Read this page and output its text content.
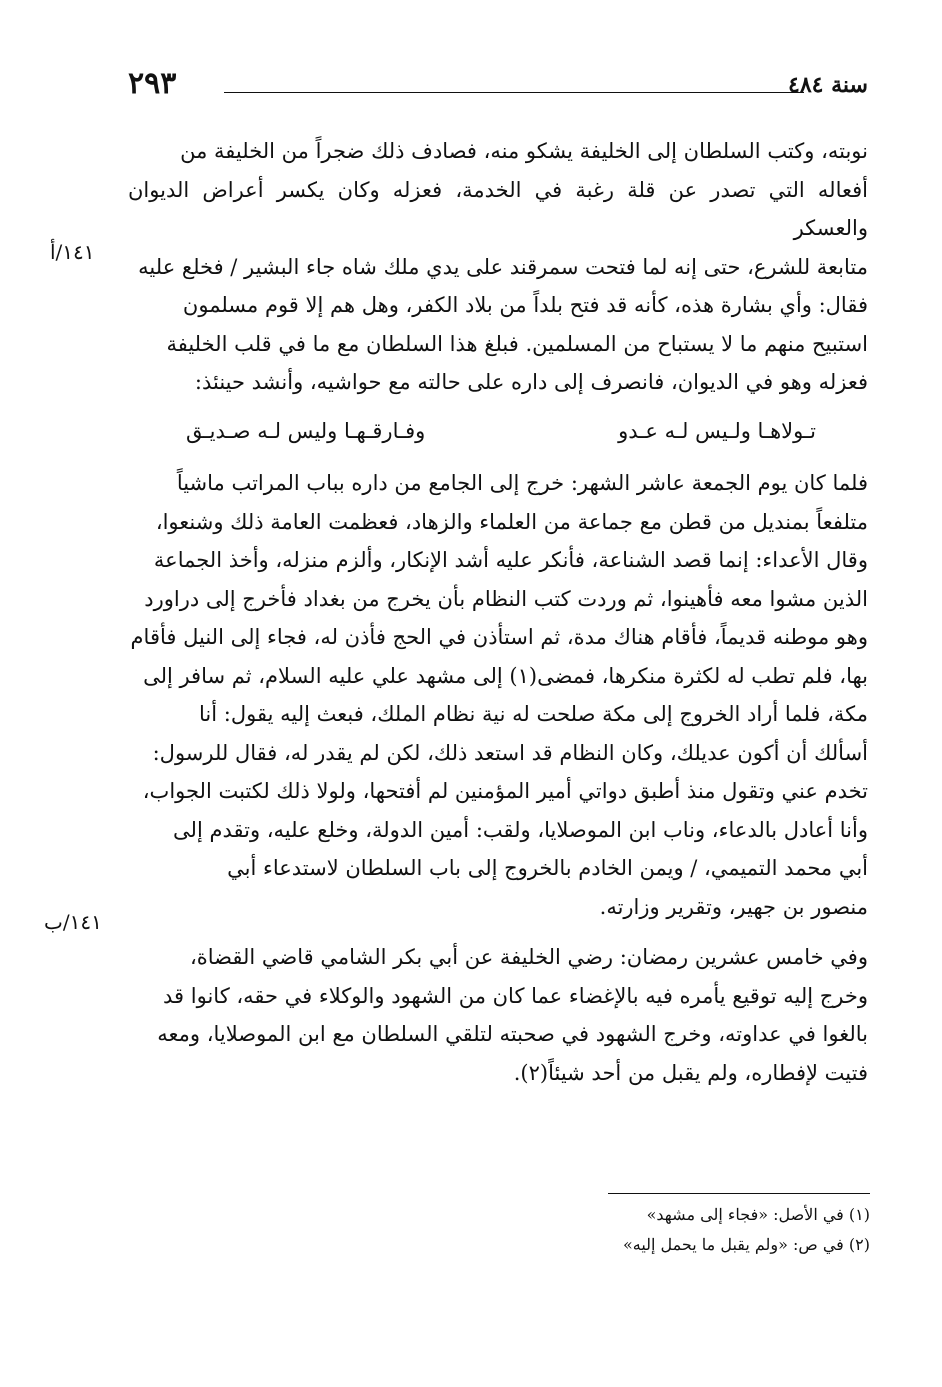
سنة ٤٨٤
٢٩٣
نوبته، وكتب السلطان إلى الخليفة يشكو منه، فصادف ذلك ضجراً من الخليفة من
أفعاله التي تصدر عن قلة رغبة في الخدمة، فعزله وكان يكسر أعراض الديوان والعسكر
متابعة للشرع، حتى إنه لما فتحت سمرقند على يدي ملك شاه جاء البشير / فخلع عليه
فقال: وأي بشارة هذه، كأنه قد فتح بلداً من بلاد الكفر، وهل هم إلا قوم مسلمون
استبيح منهم ما لا يستباح من المسلمين. فبلغ هذا السلطان مع ما في قلب الخليفة
فعزله وهو في الديوان، فانصرف إلى داره على حالته مع حواشيه، وأنشد حينئذ:
تـولاهـا ولـيس لـه عـدو
وفـارقـهـا وليس لـه صـديـق
فلما كان يوم الجمعة عاشر الشهر: خرج إلى الجامع من داره بباب المراتب ماشياً
متلفعاً بمنديل من قطن مع جماعة من العلماء والزهاد، فعظمت العامة ذلك وشنعوا،
وقال الأعداء: إنما قصد الشناعة، فأنكر عليه أشد الإنكار، وألزم منزله، وأخذ الجماعة
الذين مشوا معه فأهينوا، ثم وردت كتب النظام بأن يخرج من بغداد فأخرج إلى دراورد
وهو موطنه قديماً، فأقام هناك مدة، ثم استأذن في الحج فأذن له، فجاء إلى النيل فأقام
بها، فلم تطب له لكثرة منكرها، فمضى(١) إلى مشهد علي عليه السلام، ثم سافر إلى
مكة، فلما أراد الخروج إلى مكة صلحت له نية نظام الملك، فبعث إليه يقول: أنا
أسألك أن أكون عديلك، وكان النظام قد استعد ذلك، لكن لم يقدر له، فقال للرسول:
تخدم عني وتقول منذ أطبق دواتي أمير المؤمنين لم أفتحها، ولولا ذلك لكتبت الجواب،
وأنا أعادل بالدعاء، وناب ابن الموصلايا، ولقب: أمين الدولة، وخلع عليه، وتقدم إلى
أبي محمد التميمي، / ويمن الخادم بالخروج إلى باب السلطان لاستدعاء أبي
منصور بن جهير، وتقرير وزارته.
وفي خامس عشرين رمضان: رضي الخليفة عن أبي بكر الشامي قاضي القضاة،
وخرج إليه توقيع يأمره فيه بالإغضاء عما كان من الشهود والوكلاء في حقه، كانوا قد
بالغوا في عداوته، وخرج الشهود في صحبته لتلقي السلطان مع ابن الموصلايا، ومعه
فتيت لإفطاره، ولم يقبل من أحد شيئاً(٢).
١٤١/أ
١٤١/ب
(١) في الأصل: «فجاء إلى مشهد»
(٢) في ص: «ولم يقبل ما يحمل إليه»
